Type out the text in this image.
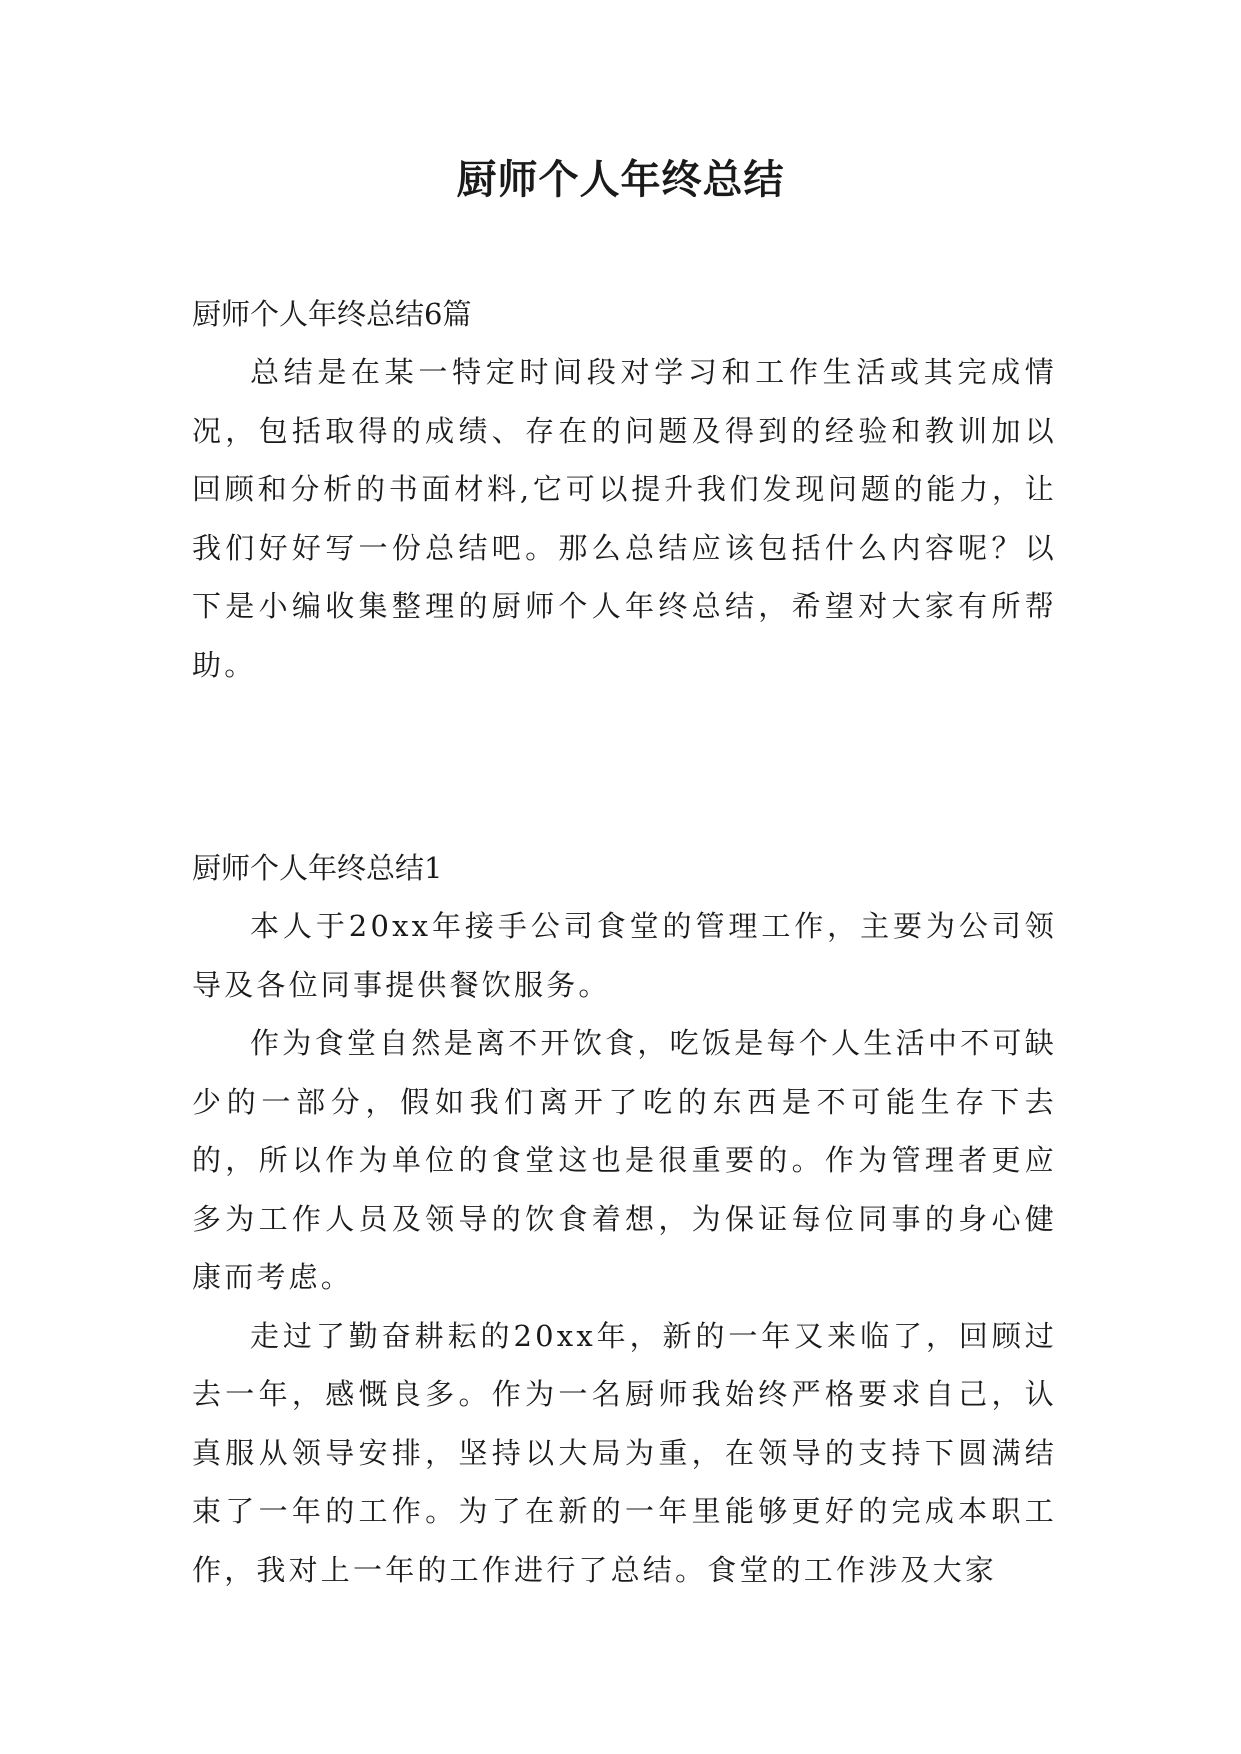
厨师个人年终总结
厨师个人年终总结6篇

总结是在某一特定时间段对学习和工作生活或其完成情况，包括取得的成绩、存在的问题及得到的经验和教训加以回顾和分析的书面材料,它可以提升我们发现问题的能力，让我们好好写一份总结吧。那么总结应该包括什么内容呢？以下是小编收集整理的厨师个人年终总结，希望对大家有所帮助。

厨师个人年终总结1

本人于20xx年接手公司食堂的管理工作，主要为公司领导及各位同事提供餐饮服务。

作为食堂自然是离不开饮食，吃饭是每个人生活中不可缺少的一部分，假如我们离开了吃的东西是不可能生存下去的，所以作为单位的食堂这也是很重要的。作为管理者更应多为工作人员及领导的饮食着想，为保证每位同事的身心健康而考虑。

走过了勤奋耕耘的20xx年，新的一年又来临了，回顾过去一年，感慨良多。作为一名厨师我始终严格要求自己，认真服从领导安排，坚持以大局为重，在领导的支持下圆满结束了一年的工作。为了在新的一年里能够更好的完成本职工作，我对上一年的工作进行了总结。食堂的工作涉及大家
